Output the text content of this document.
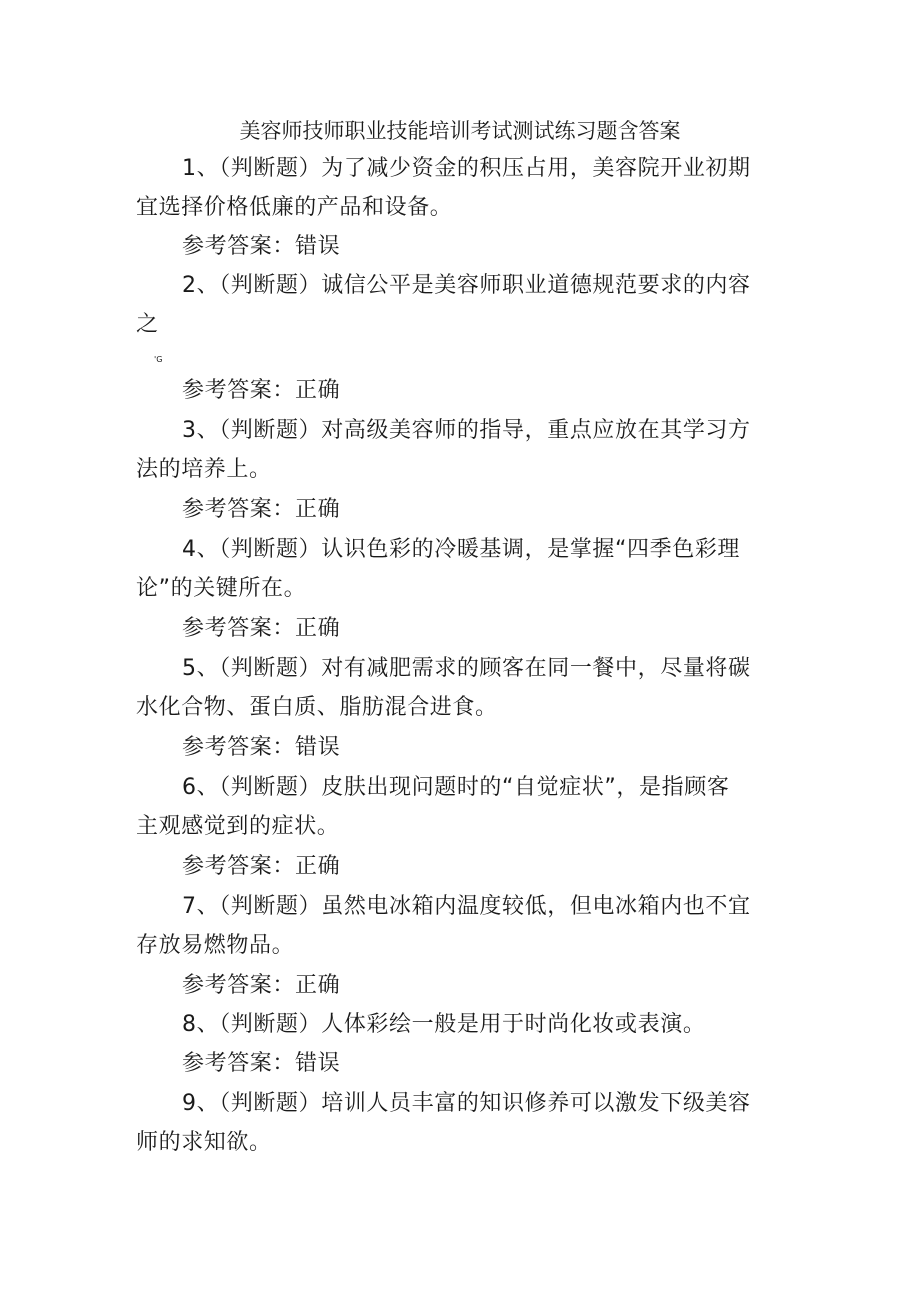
美容师技师职业技能培训考试测试练习题含答案
1、（判断题）为了减少资金的积压占用，美容院开业初期
宜选择价格低廉的产品和设备。
参考答案：错误
2、（判断题）诚信公平是美容师职业道德规范要求的内容
之
'G
参考答案：正确
3、（判断题）对高级美容师的指导，重点应放在其学习方
法的培养上。
参考答案：正确
4、（判断题）认识色彩的冷暖基调，是掌握“四季色彩理
论”的关键所在。
参考答案：正确
5、（判断题）对有减肥需求的顾客在同一餐中，尽量将碳
水化合物、蛋白质、脂肪混合进食。
参考答案：错误
6、（判断题）皮肤出现问题时的“自觉症状”，是指顾客
主观感觉到的症状。
参考答案：正确
7、（判断题）虽然电冰箱内温度较低，但电冰箱内也不宜
存放易燃物品。
参考答案：正确
8、（判断题）人体彩绘一般是用于时尚化妆或表演。
参考答案：错误
9、（判断题）培训人员丰富的知识修养可以激发下级美容
师的求知欲。
